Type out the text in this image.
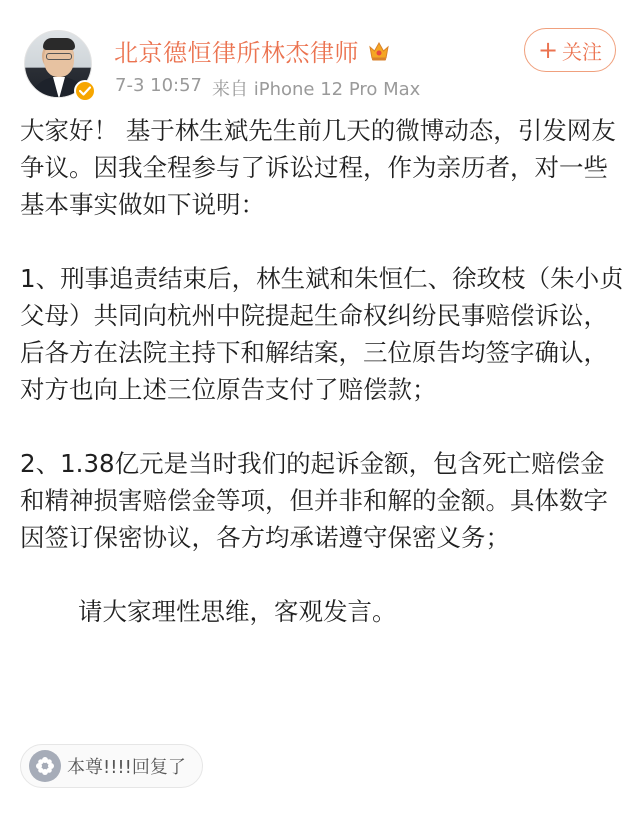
北京德恒律所林杰律师
7-3 10:57 来自 iPhone 12 Pro Max
+ 关注

大家好！ 基于林生斌先生前几天的微博动态，引发网友争议。因我全程参与了诉讼过程，作为亲历者，对一些基本事实做如下说明：

1、刑事追责结束后，林生斌和朱恒仁、徐玫枝（朱小贞父母）共同向杭州中院提起生命权纠纷民事赔偿诉讼，后各方在法院主持下和解结案，三位原告均签字确认，对方也向上述三位原告支付了赔偿款；

2、1.38亿元是当时我们的起诉金额，包含死亡赔偿金和精神损害赔偿金等项，但并非和解的金额。具体数字因签订保密协议，各方均承诺遵守保密义务；

请大家理性思维，客观发言。

本尊!!!!回复了
